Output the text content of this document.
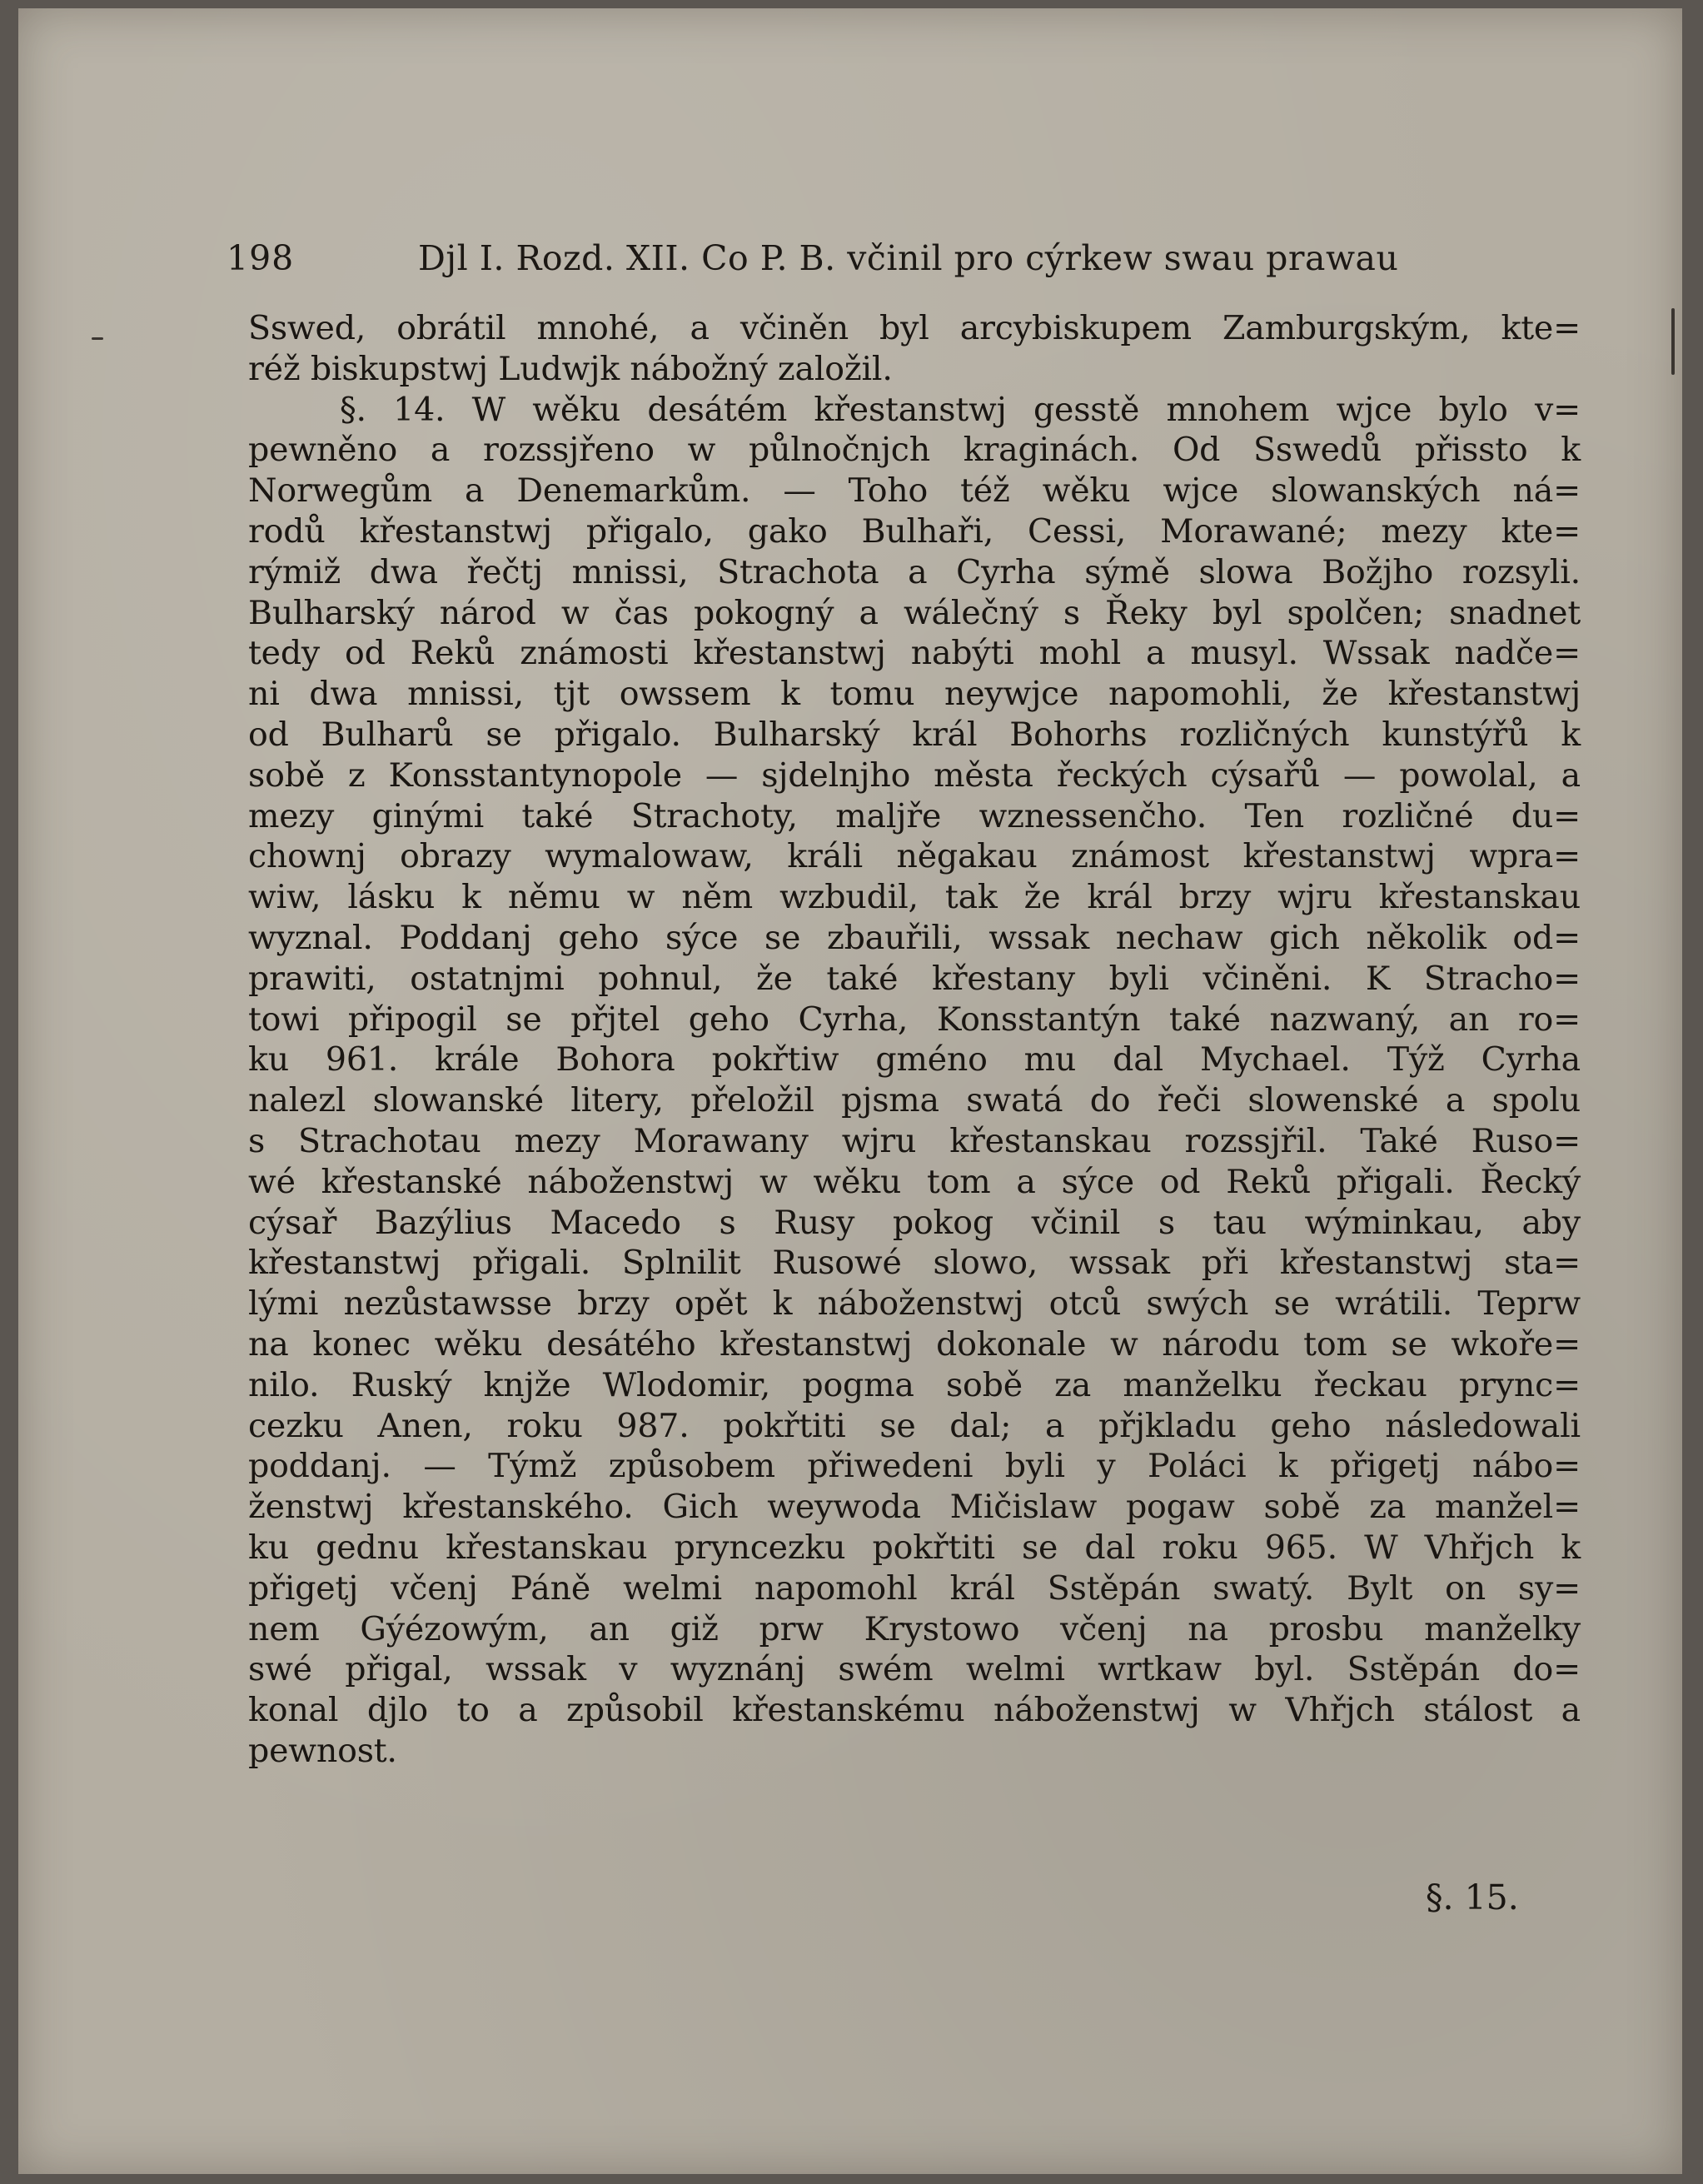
198	Djl I. Rozd. XII. Co P. B. včinil pro cýrkew swau prawau
Sswed, obrátil mnohé, a včiněn byl arcybiskupem Zamburgským, kte=
réž biskupstwj Ludwjk nábožný založil.
§. 14. W wěku desátém křestanstwj gesstě mnohem wjce bylo v=
pewněno a rozssjřeno w půlnočnjch kraginách. Od Sswedů přissto k
Norwegům a Denemarkům. — Toho též wěku wjce slowanských ná=
rodů křestanstwj přigalo, gako Bulhaři, Cessi, Morawané; mezy kte=
rýmiž dwa řečtj mnissi, Strachota a Cyrha sýmě slowa Božjho rozsyli.
Bulharský národ w čas pokogný a wálečný s Řeky byl spolčen; snadnet
tedy od Reků známosti křestanstwj nabýti mohl a musyl. Wssak nadče=
ni dwa mnissi, tjt owssem k tomu neywjce napomohli, že křestanstwj
od Bulharů se přigalo. Bulharský král Bohorhs rozličných kunstýřů k
sobě z Konsstantynopole — sjdelnjho města řeckých cýsařů — powolal, a
mezy ginými také Strachoty, maljře wznessenčho. Ten rozličné du=
chownj obrazy wymalowaw, králi něgakau známost křestanstwj wpra=
wiw, lásku k němu w něm wzbudil, tak že král brzy wjru křestanskau
wyznal. Poddanj geho sýce se zbauřili, wssak nechaw gich několik od=
prawiti, ostatnjmi pohnul, že také křestany byli včiněni. K Stracho=
towi připogil se přjtel geho Cyrha, Konsstantýn také nazwaný, an ro=
ku 961. krále Bohora pokřtiw gméno mu dal Mychael. Týž Cyrha
nalezl slowanské litery, přeložil pjsma swatá do řeči slowenské a spolu
s Strachotau mezy Morawany wjru křestanskau rozssjřil. Také Ruso=
wé křestanské náboženstwj w wěku tom a sýce od Reků přigali. Řecký
cýsař Bazýlius Macedo s Rusy pokog včinil s tau wýminkau, aby
křestanstwj přigali. Splnilit Rusowé slowo, wssak při křestanstwj sta=
lými nezůstawsse brzy opět k náboženstwj otců swých se wrátili. Teprw
na konec wěku desátého křestanstwj dokonale w národu tom se wkoře=
nilo. Ruský knjže Wlodomir, pogma sobě za manželku řeckau prync=
cezku Anen, roku 987. pokřtiti se dal; a přjkladu geho následowali
poddanj. — Týmž způsobem přiwedeni byli y Poláci k přigetj nábo=
ženstwj křestanského. Gich weywoda Mičislaw pogaw sobě za manžel=
ku gednu křestanskau pryncezku pokřtiti se dal roku 965. W Vhřjch k
přigetj včenj Páně welmi napomohl král Sstěpán swatý. Bylt on sy=
nem Gýézowým, an giž prw Krystowo včenj na prosbu manželky
swé přigal, wssak v wyznánj swém welmi wrtkaw byl. Sstěpán do=
konal djlo to a způsobil křestanskému náboženstwj w Vhřjch stálost a
pewnost.
§. 15.
